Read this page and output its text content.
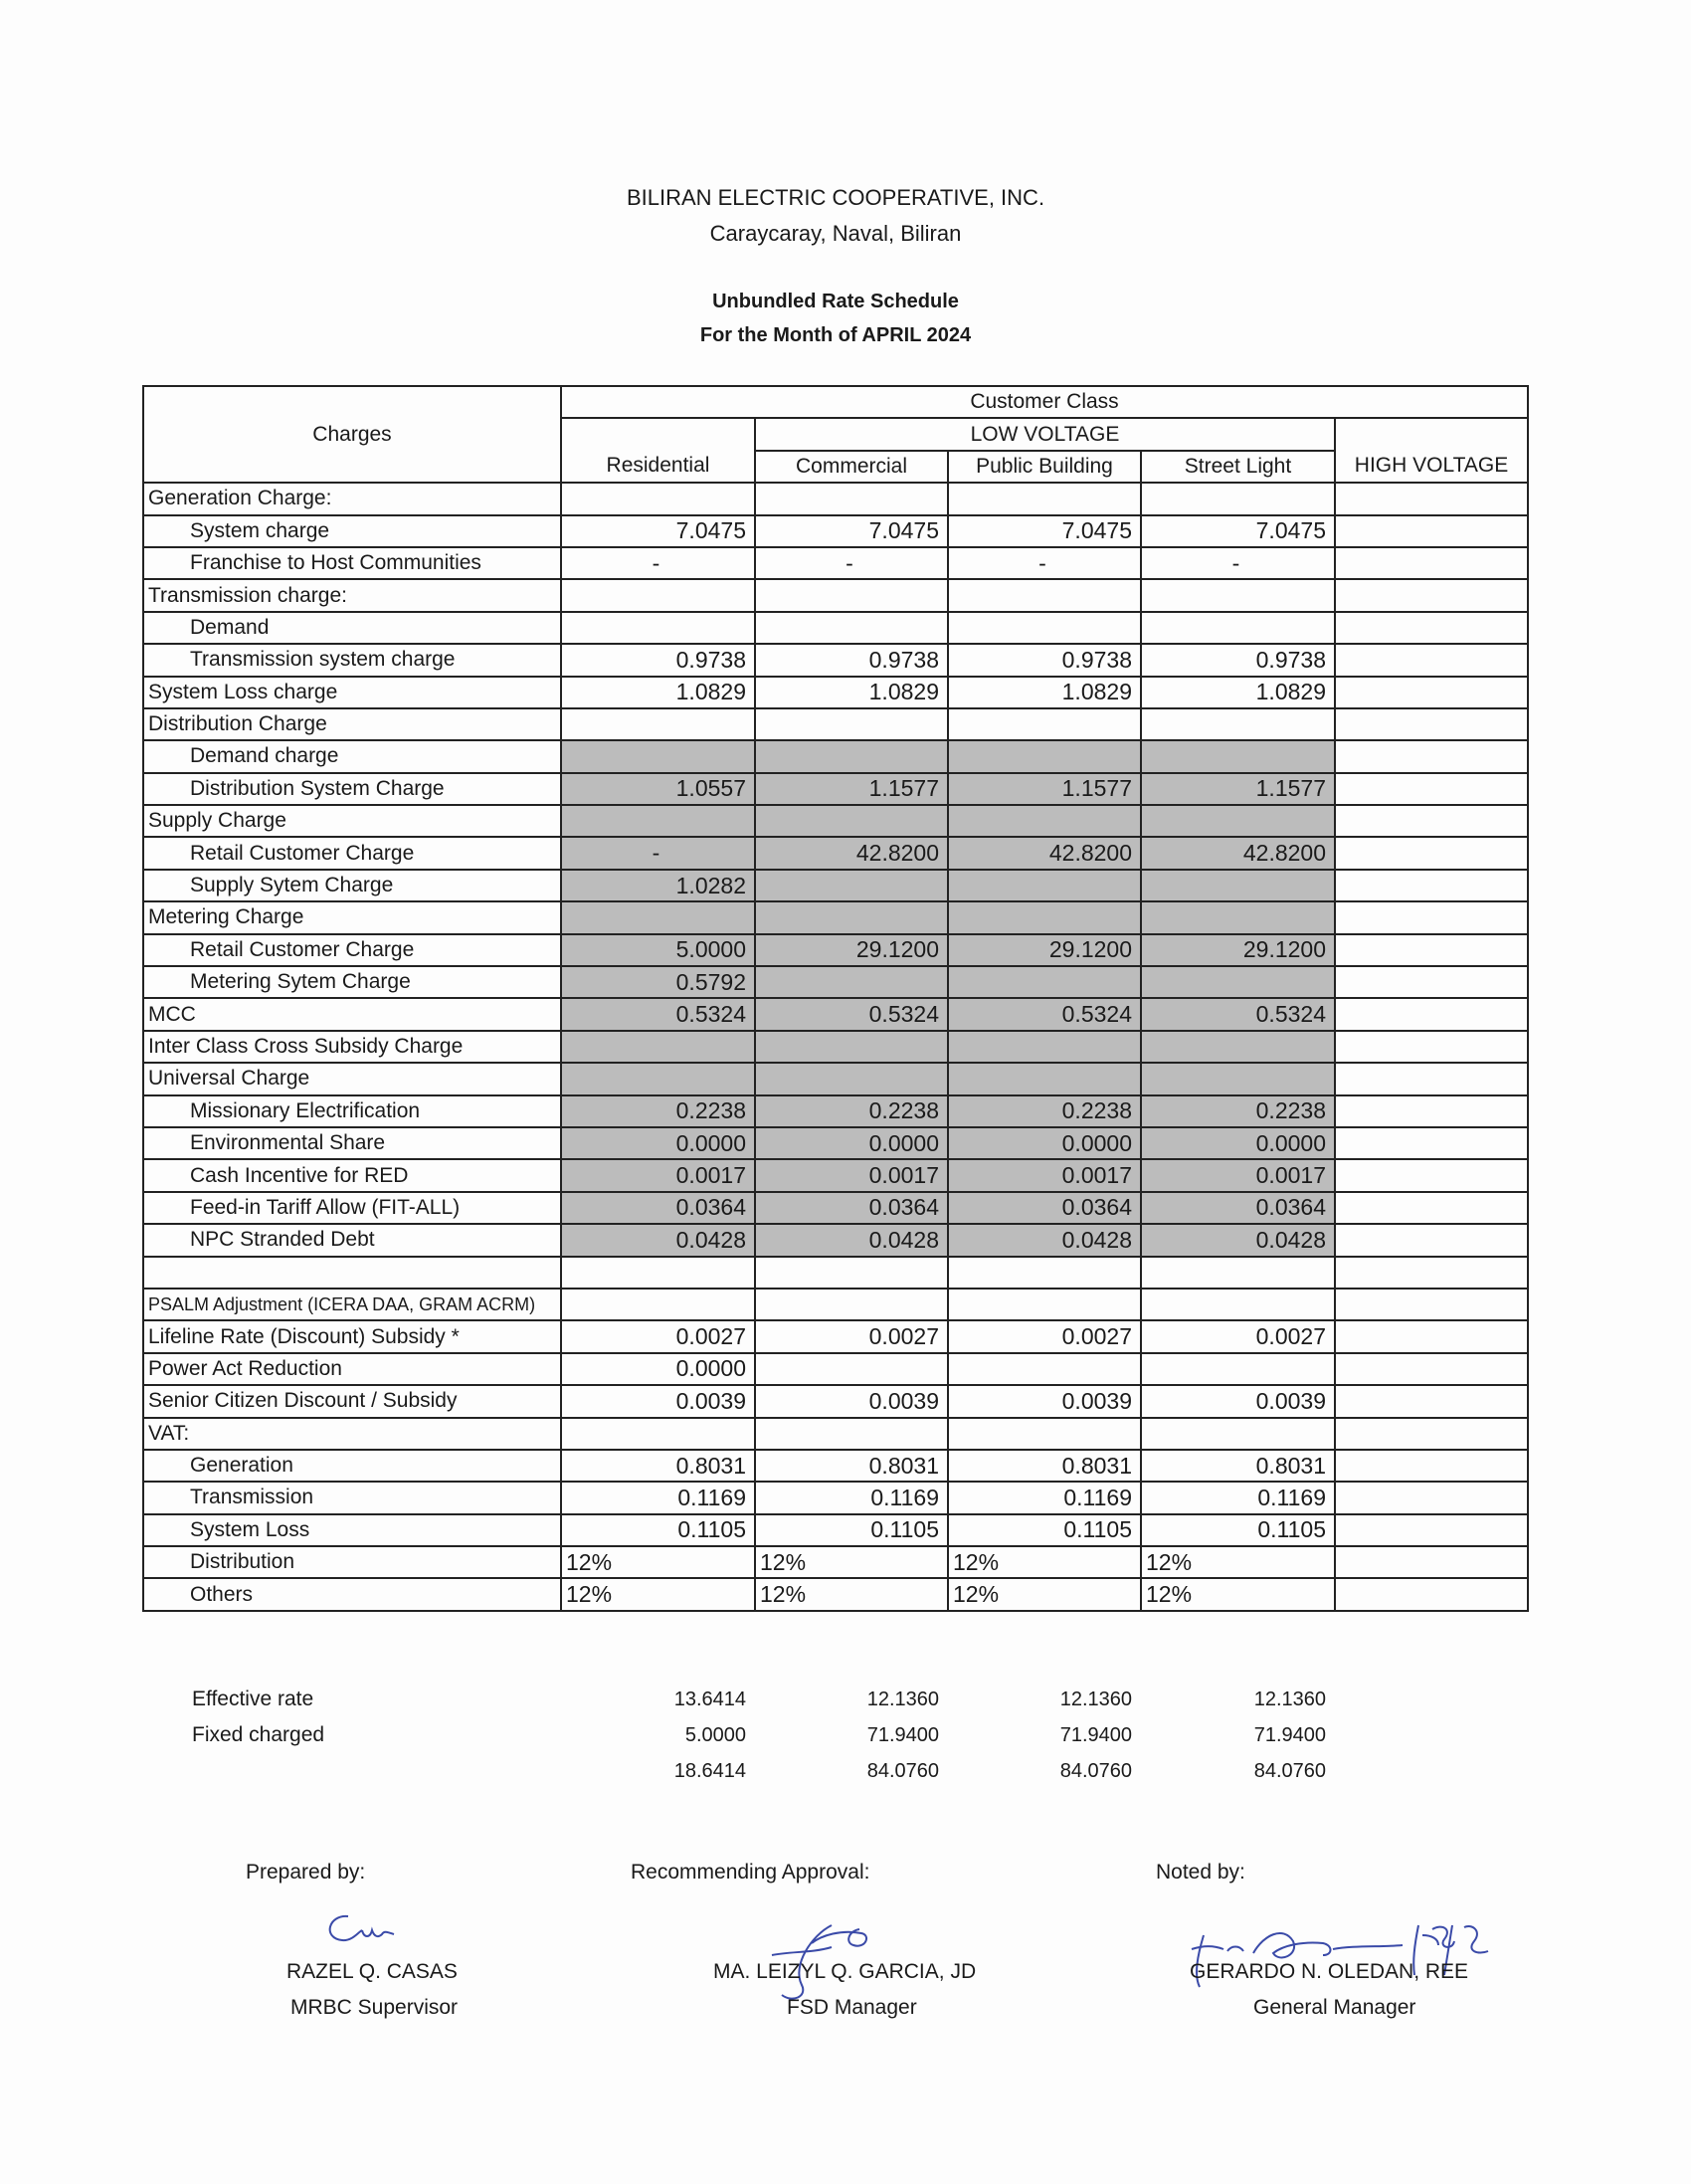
BILIRAN ELECTRIC COOPERATIVE, INC.
Caraycaray, Naval, Biliran
Unbundled Rate Schedule
For the Month of APRIL 2024
Charges	Customer Class				
		LOW VOLTAGE			
	Residential	Commercial	Public Building	Street Light	HIGH VOLTAGE
Generation Charge:					
System charge	7.0475	7.0475	7.0475	7.0475	
Franchise to Host Communities	-	-	-	-	
Transmission charge:					
Demand					
Transmission system charge	0.9738	0.9738	0.9738	0.9738	
System Loss charge	1.0829	1.0829	1.0829	1.0829	
Distribution Charge					
Demand charge					
Distribution System Charge	1.0557	1.1577	1.1577	1.1577	
Supply Charge					
Retail Customer Charge	-	42.8200	42.8200	42.8200	
Supply Sytem Charge	1.0282				
Metering Charge					
Retail Customer Charge	5.0000	29.1200	29.1200	29.1200	
Metering Sytem Charge	0.5792				
MCC	0.5324	0.5324	0.5324	0.5324	
Inter Class Cross Subsidy Charge					
Universal Charge					
Missionary Electrification	0.2238	0.2238	0.2238	0.2238	
Environmental Share	0.0000	0.0000	0.0000	0.0000	
Cash Incentive for RED	0.0017	0.0017	0.0017	0.0017	
Feed-in Tariff Allow (FIT-ALL)	0.0364	0.0364	0.0364	0.0364	
NPC Stranded Debt	0.0428	0.0428	0.0428	0.0428	

PSALM Adjustment (ICERA DAA, GRAM ACRM)					
Lifeline Rate (Discount) Subsidy *	0.0027	0.0027	0.0027	0.0027	
Power Act Reduction	0.0000				
Senior Citizen Discount / Subsidy	0.0039	0.0039	0.0039	0.0039	
VAT:					
Generation	0.8031	0.8031	0.8031	0.8031	
Transmission	0.1169	0.1169	0.1169	0.1169	
System Loss	0.1105	0.1105	0.1105	0.1105	
Distribution	12%	12%	12%	12%	
Others	12%	12%	12%	12%	
Effective rate	13.6414	12.1360	12.1360	12.1360
Fixed charged	5.0000	71.9400	71.9400	71.9400
	18.6414	84.0760	84.0760	84.0760
Prepared by:
RAZEL Q. CASAS
MRBC Supervisor
Recommending Approval:
MA. LEIZYL Q. GARCIA, JD
FSD Manager
Noted by:
GERARDO N. OLEDAN, REE
General Manager
